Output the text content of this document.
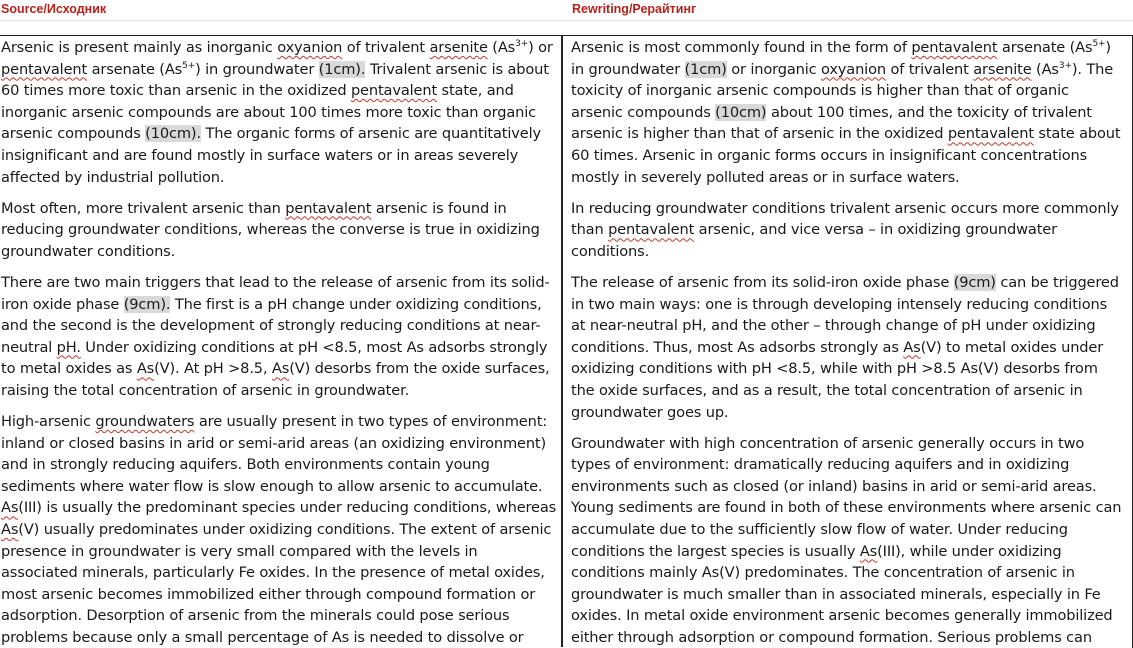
Source/Исходник	Rewriting/Рерайтинг

Arsenic is present mainly as inorganic oxyanion of trivalent arsenite $(As^{3+})$ or pentavalent arsenate $(As^{5+})$ in groundwater (1cm). Trivalent arsenic is about 60 times more toxic than arsenic in the oxidized pentavalent state, and inorganic arsenic compounds are about 100 times more toxic than organic arsenic compounds (10cm). The organic forms of arsenic are quantitatively insignificant and are found mostly in surface waters or in areas severely affected by industrial pollution.

Most often, more trivalent arsenic than pentavalent arsenic is found in reducing groundwater conditions, whereas the converse is true in oxidizing groundwater conditions.

There are two main triggers that lead to the release of arsenic from its solid-iron oxide phase (9cm). The first is a pH change under oxidizing conditions, and the second is the development of strongly reducing conditions at near-neutral pH. Under oxidizing conditions at pH <8.5, most As adsorbs strongly to metal oxides as As(V). At pH >8.5, As(V) desorbs from the oxide surfaces, raising the total concentration of arsenic in groundwater.

High-arsenic groundwaters are usually present in two types of environment: inland or closed basins in arid or semi-arid areas (an oxidizing environment) and in strongly reducing aquifers. Both environments contain young sediments where water flow is slow enough to allow arsenic to accumulate. As(III) is usually the predominant species under reducing conditions, whereas As(V) usually predominates under oxidizing conditions. The extent of arsenic presence in groundwater is very small compared with the levels in associated minerals, particularly Fe oxides. In the presence of metal oxides, most arsenic becomes immobilized either through compound formation or adsorption. Desorption of arsenic from the minerals could pose serious problems because only a small percentage of As is needed to dissolve or

Arsenic is most commonly found in the form of pentavalent arsenate $(As^{5+})$ in groundwater (1cm) or inorganic oxyanion of trivalent arsenite $(As^{3+})$. The toxicity of inorganic arsenic compounds is higher than that of organic arsenic compounds (10cm) about 100 times, and the toxicity of trivalent arsenic is higher than that of arsenic in the oxidized pentavalent state about 60 times. Arsenic in organic forms occurs in insignificant concentrations mostly in severely polluted areas or in surface waters.

In reducing groundwater conditions trivalent arsenic occurs more commonly than pentavalent arsenic, and vice versa – in oxidizing groundwater conditions.

The release of arsenic from its solid-iron oxide phase (9cm) can be triggered in two main ways: one is through developing intensely reducing conditions at near-neutral pH, and the other – through change of pH under oxidizing conditions. Thus, most As adsorbs strongly as As(V) to metal oxides under oxidizing conditions with pH <8.5, while with pH >8.5 As(V) desorbs from the oxide surfaces, and as a result, the total concentration of arsenic in groundwater goes up.

Groundwater with high concentration of arsenic generally occurs in two types of environment: dramatically reducing aquifers and in oxidizing environments such as closed (or inland) basins in arid or semi-arid areas. Young sediments are found in both of these environments where arsenic can accumulate due to the sufficiently slow flow of water. Under reducing conditions the largest species is usually As(III), while under oxidizing conditions mainly As(V) predominates. The concentration of arsenic in groundwater is much smaller than in associated minerals, especially in Fe oxides. In metal oxide environment arsenic becomes generally immobilized either through adsorption or compound formation. Serious problems can
